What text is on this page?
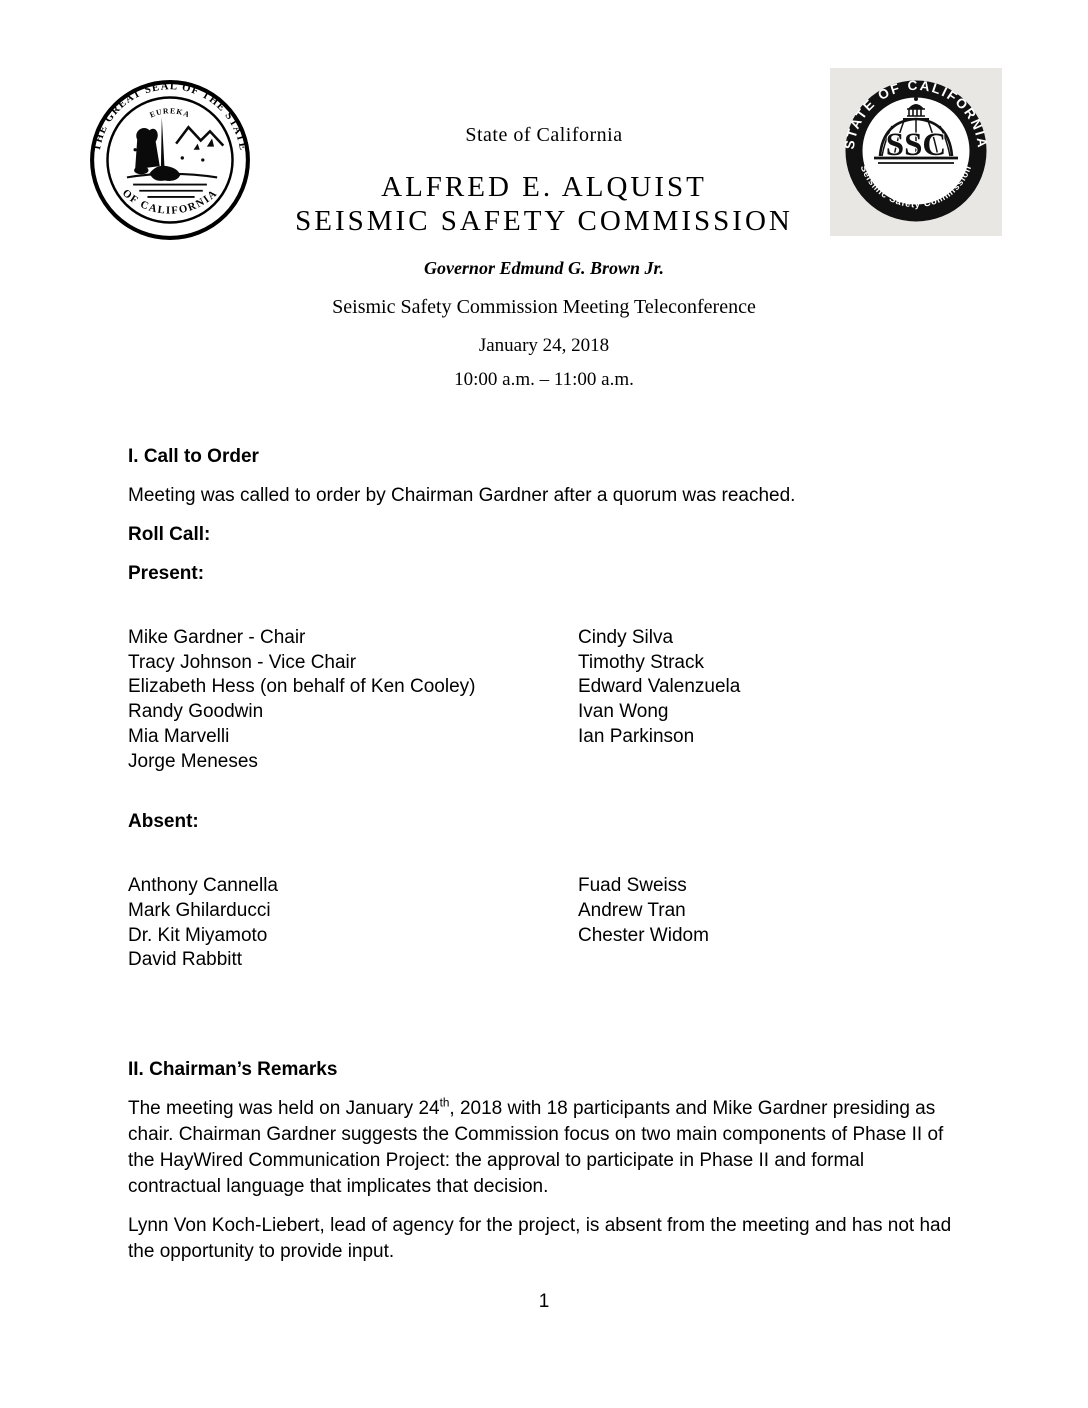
THE GREAT SEAL OF THE STATE
OF CALIFORNIA
EUREKA
STATE OF CALIFORNIA
Seismic Safety Commission
SSC
State of California
ALFRED E. ALQUIST
SEISMIC SAFETY COMMISSION
Governor Edmund G. Brown Jr.
Seismic Safety Commission Meeting Teleconference
January 24, 2018
10:00 a.m. – 11:00 a.m.
I. Call to Order

Meeting was called to order by Chairman Gardner after a quorum was reached.

Roll Call:
Present:
Mike Gardner - Chair
Tracy Johnson - Vice Chair
Elizabeth Hess (on behalf of Ken Cooley)
Randy Goodwin
Mia Marvelli
Jorge Meneses
Cindy Silva
Timothy Strack
Edward Valenzuela
Ivan Wong
Ian Parkinson
Absent:
Anthony Cannella
Mark Ghilarducci
Dr. Kit Miyamoto
David Rabbitt
Fuad Sweiss
Andrew Tran
Chester Widom
II. Chairman’s Remarks

The meeting was held on January 24th, 2018 with 18 participants and Mike Gardner presiding as chair. Chairman Gardner suggests the Commission focus on two main components of Phase II of the HayWired Communication Project: the approval to participate in Phase II and formal contractual language that implicates that decision.

Lynn Von Koch-Liebert, lead of agency for the project, is absent from the meeting and has not had the opportunity to provide input.

1
